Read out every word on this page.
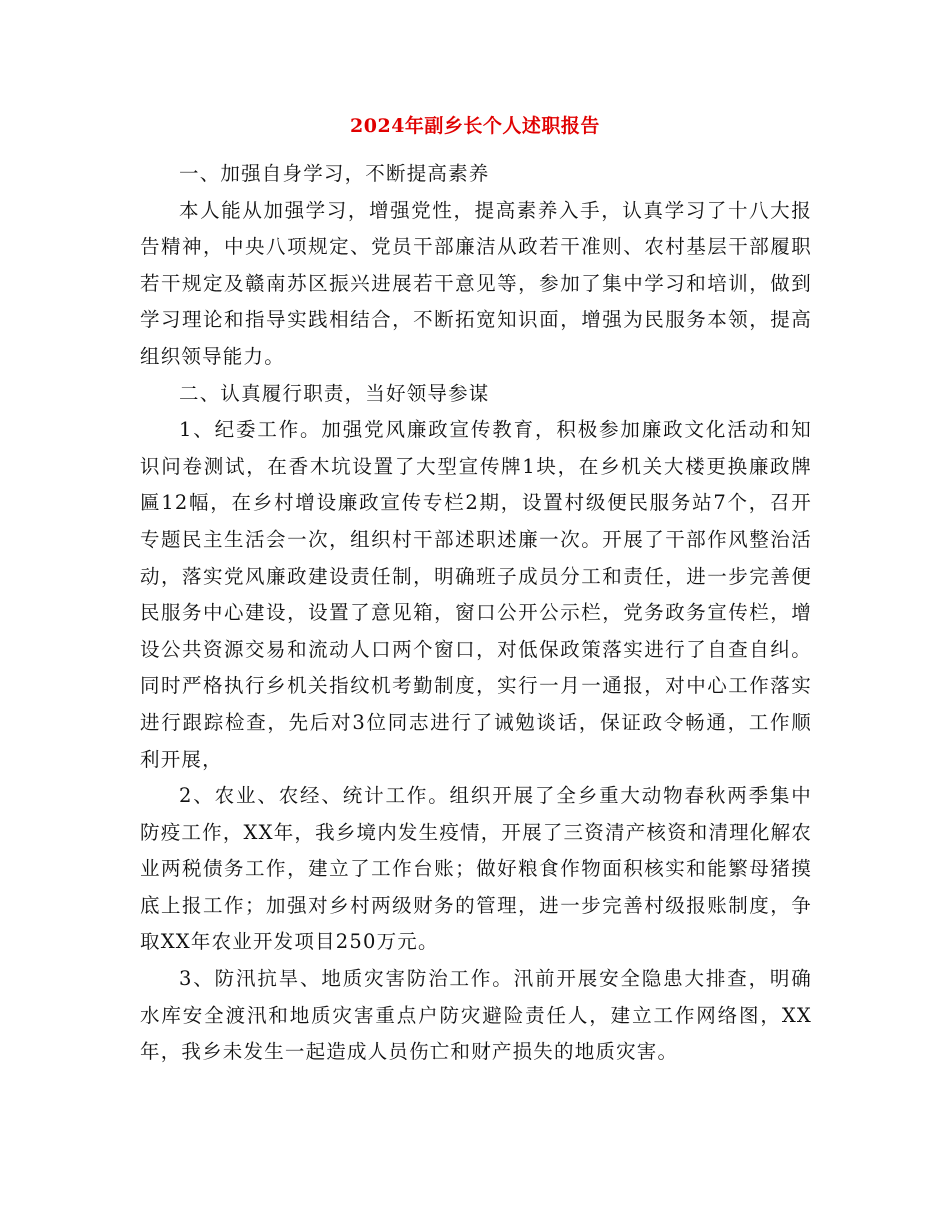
2024年副乡长个人述职报告

一、加强自身学习，不断提高素养

本人能从加强学习，增强党性，提高素养入手，认真学习了十八大报告精神，中央八项规定、党员干部廉洁从政若干准则、农村基层干部履职若干规定及赣南苏区振兴进展若干意见等，参加了集中学习和培训，做到学习理论和指导实践相结合，不断拓宽知识面，增强为民服务本领，提高组织领导能力。

二、认真履行职责，当好领导参谋

1、纪委工作。加强党风廉政宣传教育，积极参加廉政文化活动和知识问卷测试，在香木坑设置了大型宣传牌1块，在乡机关大楼更换廉政牌匾12幅，在乡村增设廉政宣传专栏2期，设置村级便民服务站7个，召开专题民主生活会一次，组织村干部述职述廉一次。开展了干部作风整治活动，落实党风廉政建设责任制，明确班子成员分工和责任，进一步完善便民服务中心建设，设置了意见箱，窗口公开公示栏，党务政务宣传栏，增设公共资源交易和流动人口两个窗口，对低保政策落实进行了自查自纠。同时严格执行乡机关指纹机考勤制度，实行一月一通报，对中心工作落实进行跟踪检查，先后对3位同志进行了诫勉谈话，保证政令畅通，工作顺利开展，

2、农业、农经、统计工作。组织开展了全乡重大动物春秋两季集中防疫工作，XX年，我乡境内发生疫情，开展了三资清产核资和清理化解农业两税债务工作，建立了工作台账；做好粮食作物面积核实和能繁母猪摸底上报工作；加强对乡村两级财务的管理，进一步完善村级报账制度，争取XX年农业开发项目250万元。

3、防汛抗旱、地质灾害防治工作。汛前开展安全隐患大排查，明确水库安全渡汛和地质灾害重点户防灾避险责任人，建立工作网络图，XX年，我乡未发生一起造成人员伤亡和财产损失的地质灾害。
